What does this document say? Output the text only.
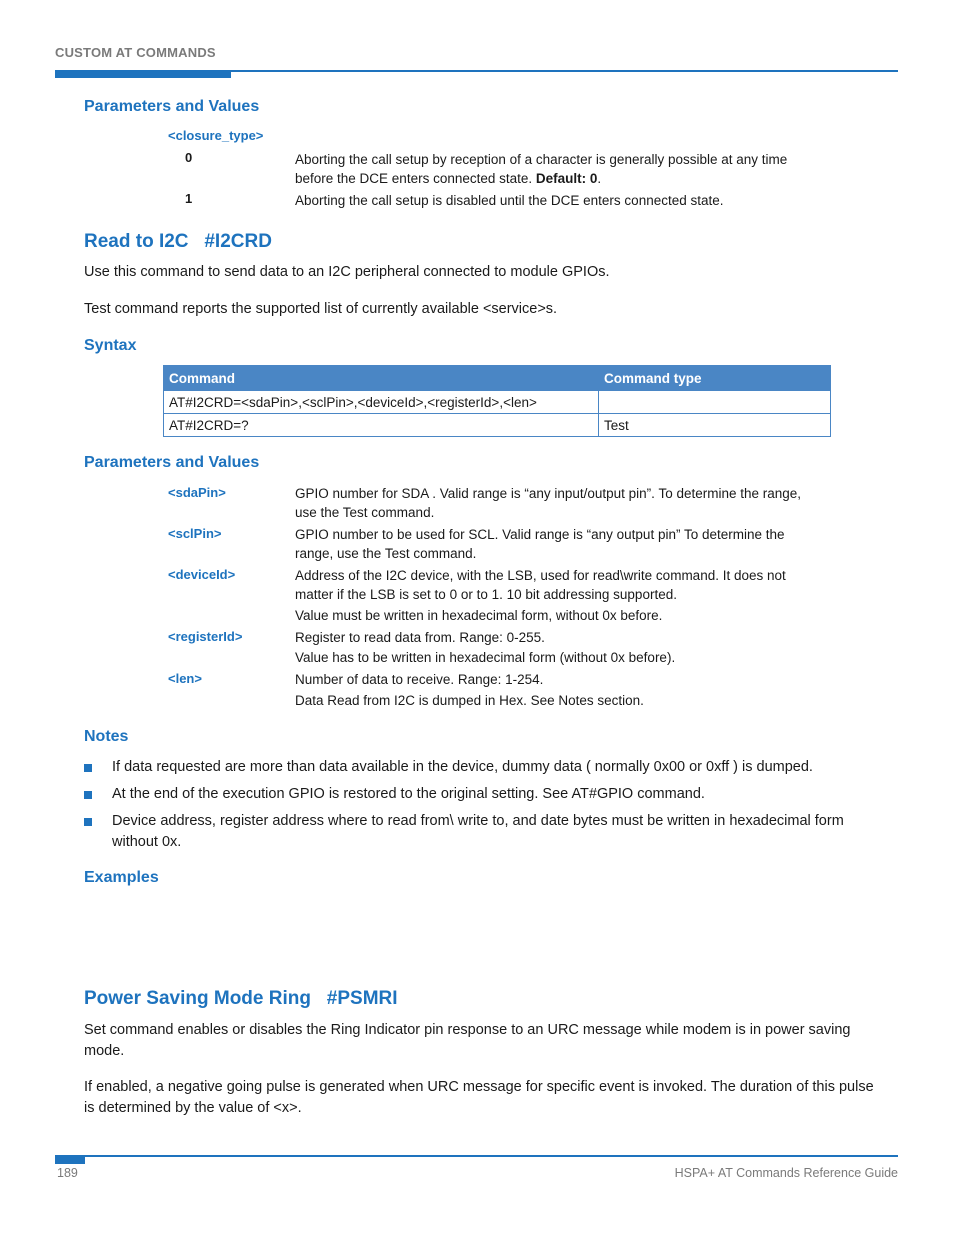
CUSTOM AT COMMANDS
Parameters and Values
<closure_type>
0	Aborting the call setup by reception of a character is generally possible at any time before the DCE enters connected state. Default: 0.
1	Aborting the call setup is disabled until the DCE enters connected state.
Read to I2C   #I2CRD
Use this command to send data to an I2C peripheral connected to module GPIOs.
Test command reports the supported list of currently available <service>s.
Syntax
Command	Command type
AT#I2CRD=<sdaPin>,<sclPin>,<deviceId>,<registerId>,<len>	
AT#I2CRD=?	Test
Parameters and Values
<sdaPin>	GPIO number for SDA . Valid range is “any input/output pin”. To determine the range, use the Test command.
<sclPin>	GPIO number to be used for SCL. Valid range is “any output pin” To determine the range, use the Test command.
<deviceId>	Address of the I2C device, with the LSB, used for read\write command. It does not matter if the LSB is set to 0 or to 1. 10 bit addressing supported.
Value must be written in hexadecimal form, without 0x before.
<registerId>	Register to read data from. Range: 0-255.
Value has to be written in hexadecimal form (without 0x before).
<len>	Number of data to receive. Range: 1-254.
Data Read from I2C is dumped in Hex. See Notes section.
Notes
If data requested are more than data available in the device, dummy data ( normally 0x00 or 0xff ) is dumped.
At the end of the execution GPIO is restored to the original setting. See AT#GPIO command.
Device address, register address where to read from\ write to, and date bytes must be written in hexadecimal form without 0x.
Examples
Power Saving Mode Ring   #PSMRI
Set command enables or disables the Ring Indicator pin response to an URC message while modem is in power saving mode.
If enabled, a negative going pulse is generated when URC message for specific event is invoked. The duration of this pulse is determined by the value of <x>.
189	HSPA+ AT Commands Reference Guide
